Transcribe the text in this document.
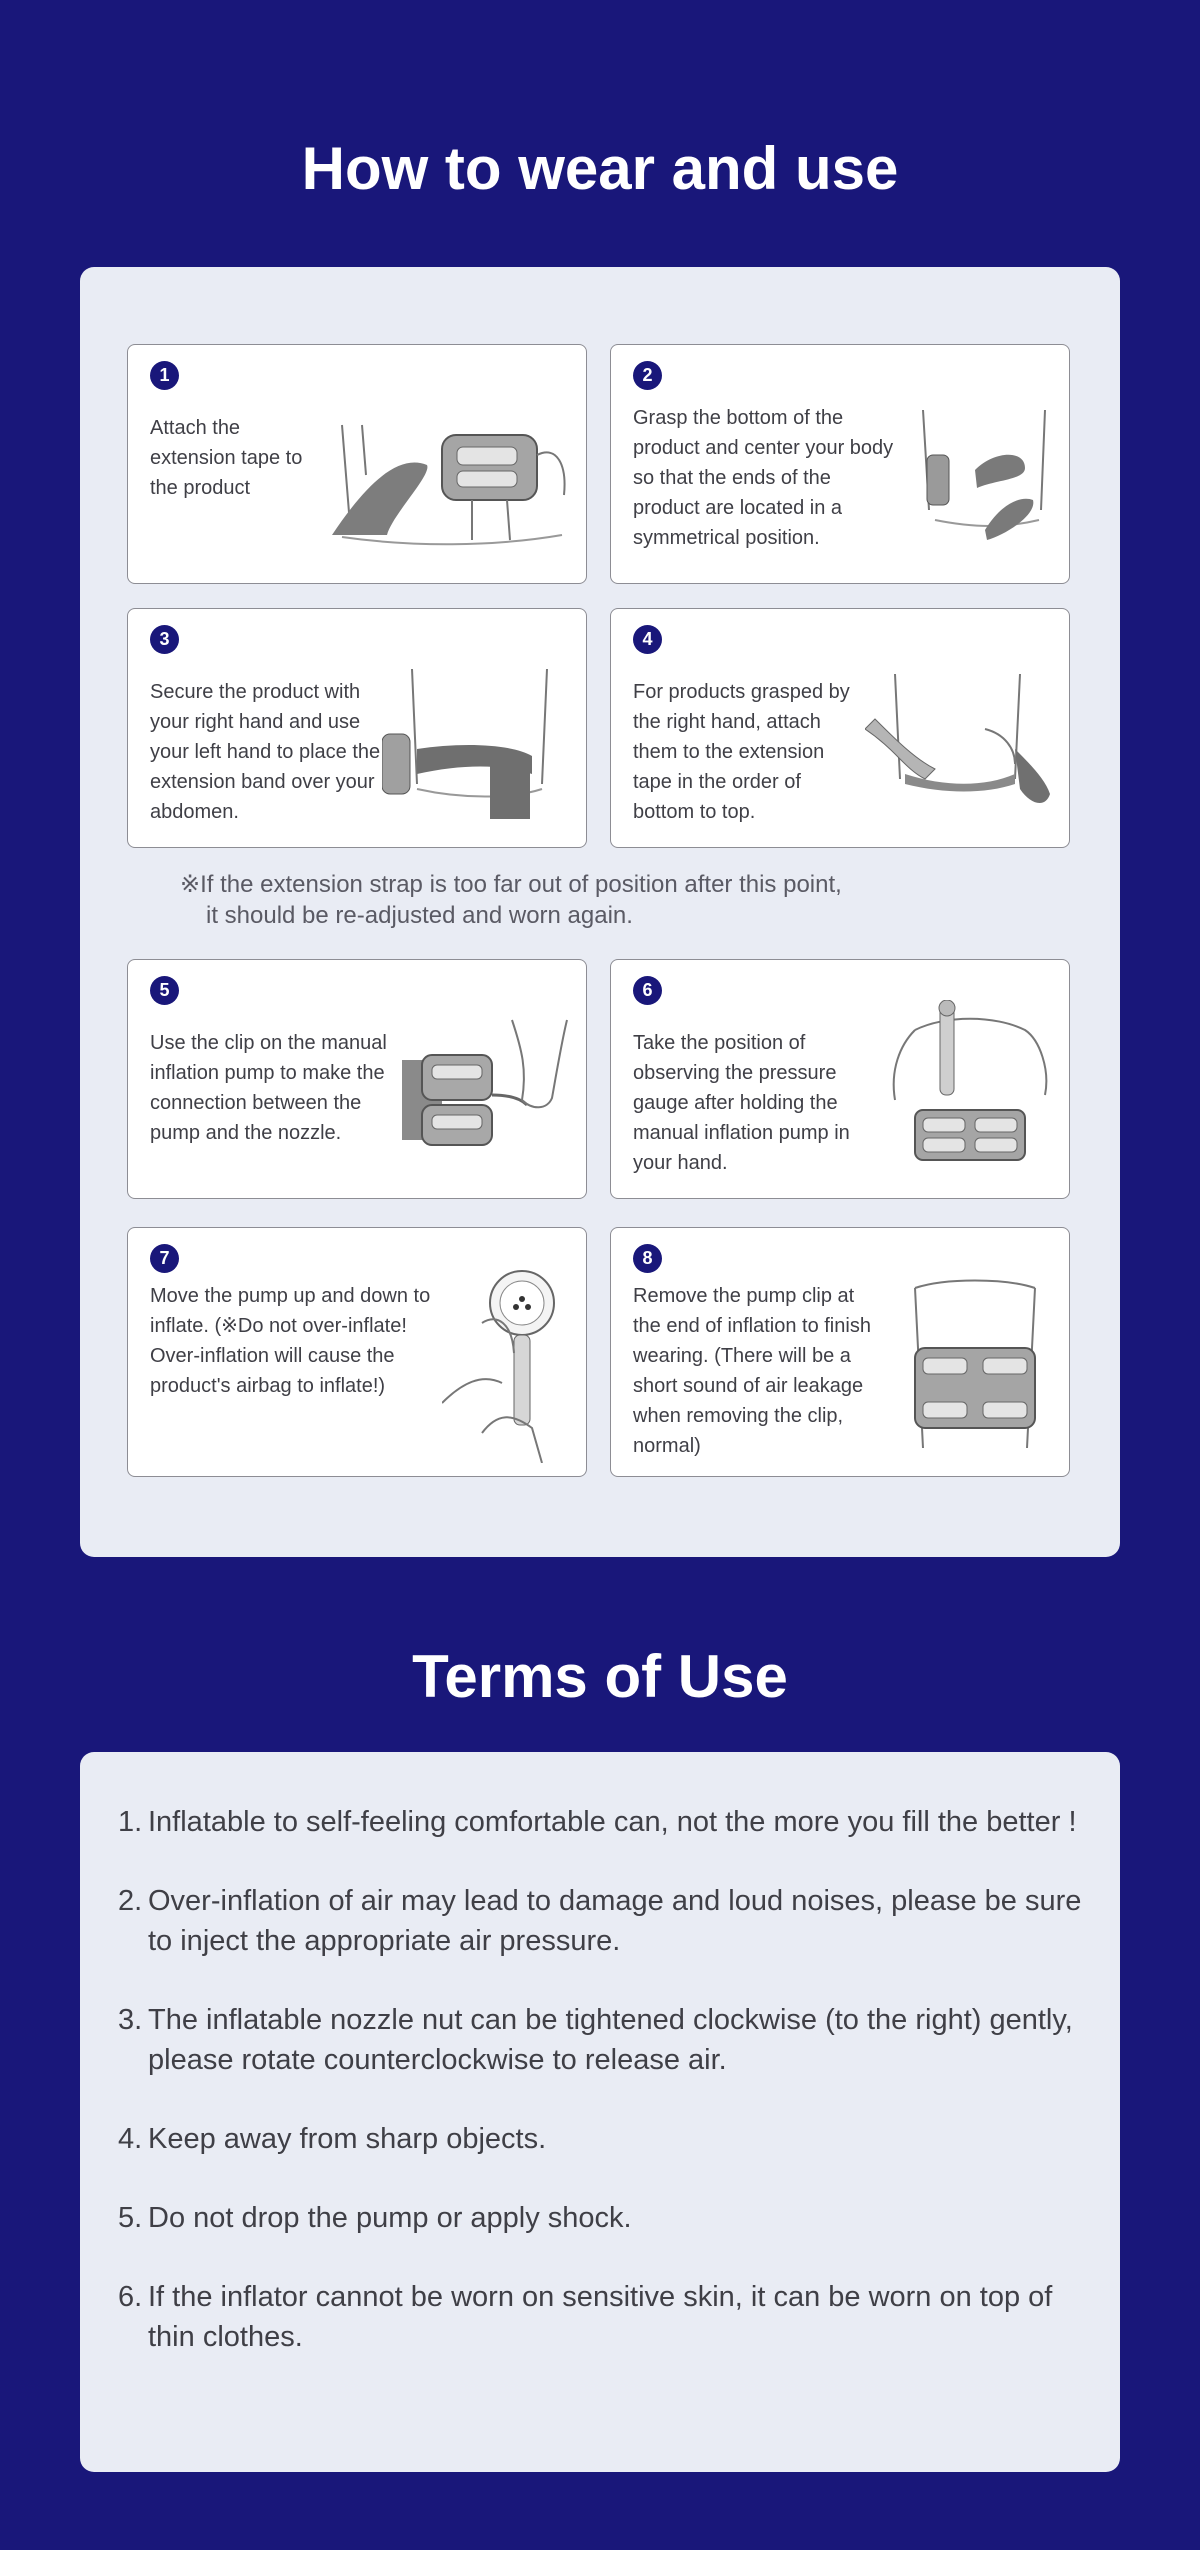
How to wear and use
1
Attach the extension tape to the product
2
Grasp the bottom of the product and center your body so that the ends of the product are located in a symmetrical position.
3
Secure the product with your right hand and use your left hand to place the extension band over your abdomen.
4
For products grasped by the right hand, attach them to the extension tape in the order of bottom to top.
※If the extension strap is too far out of position after this point,
it should be re-adjusted and worn again.
5
Use the clip on the manual inflation pump to make the connection between the pump and the nozzle.
6
Take the position of observing the pressure gauge after holding the manual inflation pump in your hand.
7
Move the pump up and down to inflate. (※Do not over-inflate! Over-inflation will cause the product's airbag to inflate!)
8
Remove the pump clip at the end of inflation to finish wearing. (There will be a short sound of air leakage when removing the clip, normal)
Terms of Use
1. Inflatable to self-feeling comfortable can, not the more you fill the better !
2. Over-inflation of air may lead to damage and loud noises, please be sure to inject the appropriate air pressure.
3. The inflatable nozzle nut can be tightened clockwise (to the right) gently, please rotate counterclockwise to release air.
4. Keep away from sharp objects.
5. Do not drop the pump or apply shock.
6. If the inflator cannot be worn on sensitive skin, it can be worn on top of thin clothes.
